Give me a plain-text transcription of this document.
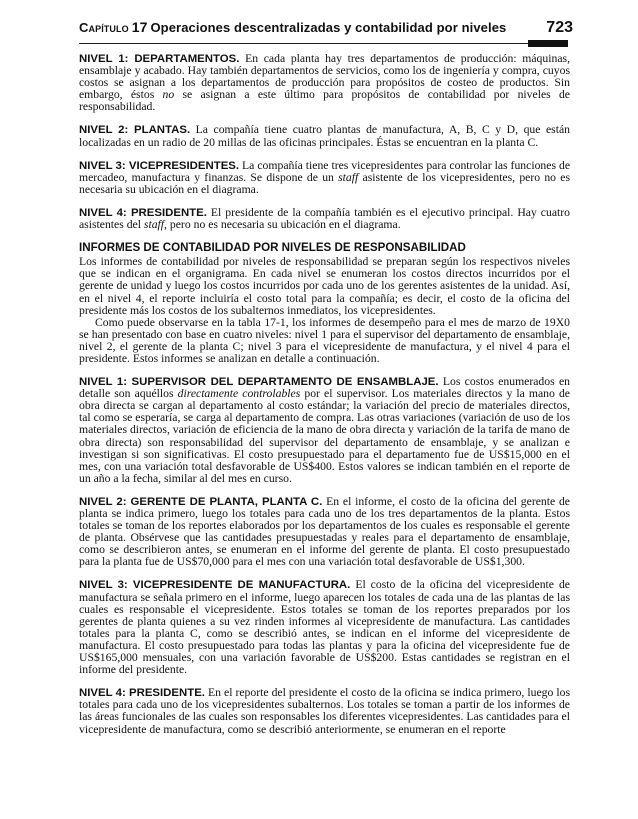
Capítulo 17 Operaciones descentralizadas y contabilidad por niveles 723

NIVEL 1: DEPARTAMENTOS. En cada planta hay tres departamentos de producción: máquinas, ensamblaje y acabado. Hay también departamentos de servicios, como los de ingeniería y compra, cuyos costos se asignan a los departamentos de producción para propósitos de costeo de productos. Sin embargo, éstos no se asignan a este último para propósitos de contabilidad por niveles de responsabilidad.

NIVEL 2: PLANTAS. La compañía tiene cuatro plantas de manufactura, A, B, C y D, que están localizadas en un radio de 20 millas de las oficinas principales. Éstas se encuentran en la planta C.

NIVEL 3: VICEPRESIDENTES. La compañía tiene tres vicepresidentes para controlar las funciones de mercadeo, manufactura y finanzas. Se dispone de un staff asistente de los vicepresidentes, pero no es necesaria su ubicación en el diagrama.

NIVEL 4: PRESIDENTE. El presidente de la compañía también es el ejecutivo principal. Hay cuatro asistentes del staff, pero no es necesaria su ubicación en el diagrama.

INFORMES DE CONTABILIDAD POR NIVELES DE RESPONSABILIDAD

Los informes de contabilidad por niveles de responsabilidad se preparan según los respectivos niveles que se indican en el organigrama. En cada nivel se enumeran los costos directos incurridos por el gerente de unidad y luego los costos incurridos por cada uno de los gerentes asistentes de la unidad. Así, en el nivel 4, el reporte incluiría el costo total para la compañía; es decir, el costo de la oficina del presidente más los costos de los subalternos inmediatos, los vicepresidentes.

Como puede observarse en la tabla 17-1, los informes de desempeño para el mes de marzo de 19X0 se han presentado con base en cuatro niveles: nivel 1 para el supervisor del departamento de ensamblaje, nivel 2, el gerente de la planta C; nivel 3 para el vicepresidente de manufactura, y el nivel 4 para el presidente. Estos informes se analizan en detalle a continuación.

NIVEL 1: SUPERVISOR DEL DEPARTAMENTO DE ENSAMBLAJE. Los costos enumerados en detalle son aquéllos directamente controlables por el supervisor. Los materiales directos y la mano de obra directa se cargan al departamento al costo estándar; la variación del precio de materiales directos, tal como se esperaría, se carga al departamento de compra. Las otras variaciones (variación de uso de los materiales directos, variación de eficiencia de la mano de obra directa y variación de la tarifa de mano de obra directa) son responsabilidad del supervisor del departamento de ensamblaje, y se analizan e investigan si son significativas. El costo presupuestado para el departamento fue de US$15,000 en el mes, con una variación total desfavorable de US$400. Estos valores se indican también en el reporte de un año a la fecha, similar al del mes en curso.

NIVEL 2: GERENTE DE PLANTA, PLANTA C. En el informe, el costo de la oficina del gerente de planta se indica primero, luego los totales para cada uno de los tres departamentos de la planta. Estos totales se toman de los reportes elaborados por los departamentos de los cuales es responsable el gerente de planta. Obsérvese que las cantidades presupuestadas y reales para el departamento de ensamblaje, como se describieron antes, se enumeran en el informe del gerente de planta. El costo presupuestado para la planta fue de US$70,000 para el mes con una variación total desfavorable de US$1,300.

NIVEL 3: VICEPRESIDENTE DE MANUFACTURA. El costo de la oficina del vicepresidente de manufactura se señala primero en el informe, luego aparecen los totales de cada una de las plantas de las cuales es responsable el vicepresidente. Estos totales se toman de los reportes preparados por los gerentes de planta quienes a su vez rinden informes al vicepresidente de manufactura. Las cantidades totales para la planta C, como se describió antes, se indican en el informe del vicepresidente de manufactura. El costo presupuestado para todas las plantas y para la oficina del vicepresidente fue de US$165,000 mensuales, con una variación favorable de US$200. Estas cantidades se registran en el informe del presidente.

NIVEL 4: PRESIDENTE. En el reporte del presidente el costo de la oficina se indica primero, luego los totales para cada uno de los vicepresidentes subalternos. Los totales se toman a partir de los informes de las áreas funcionales de las cuales son responsables los diferentes vicepresidentes. Las cantidades para el vicepresidente de manufactura, como se describió anteriormente, se enumeran en el reporte
